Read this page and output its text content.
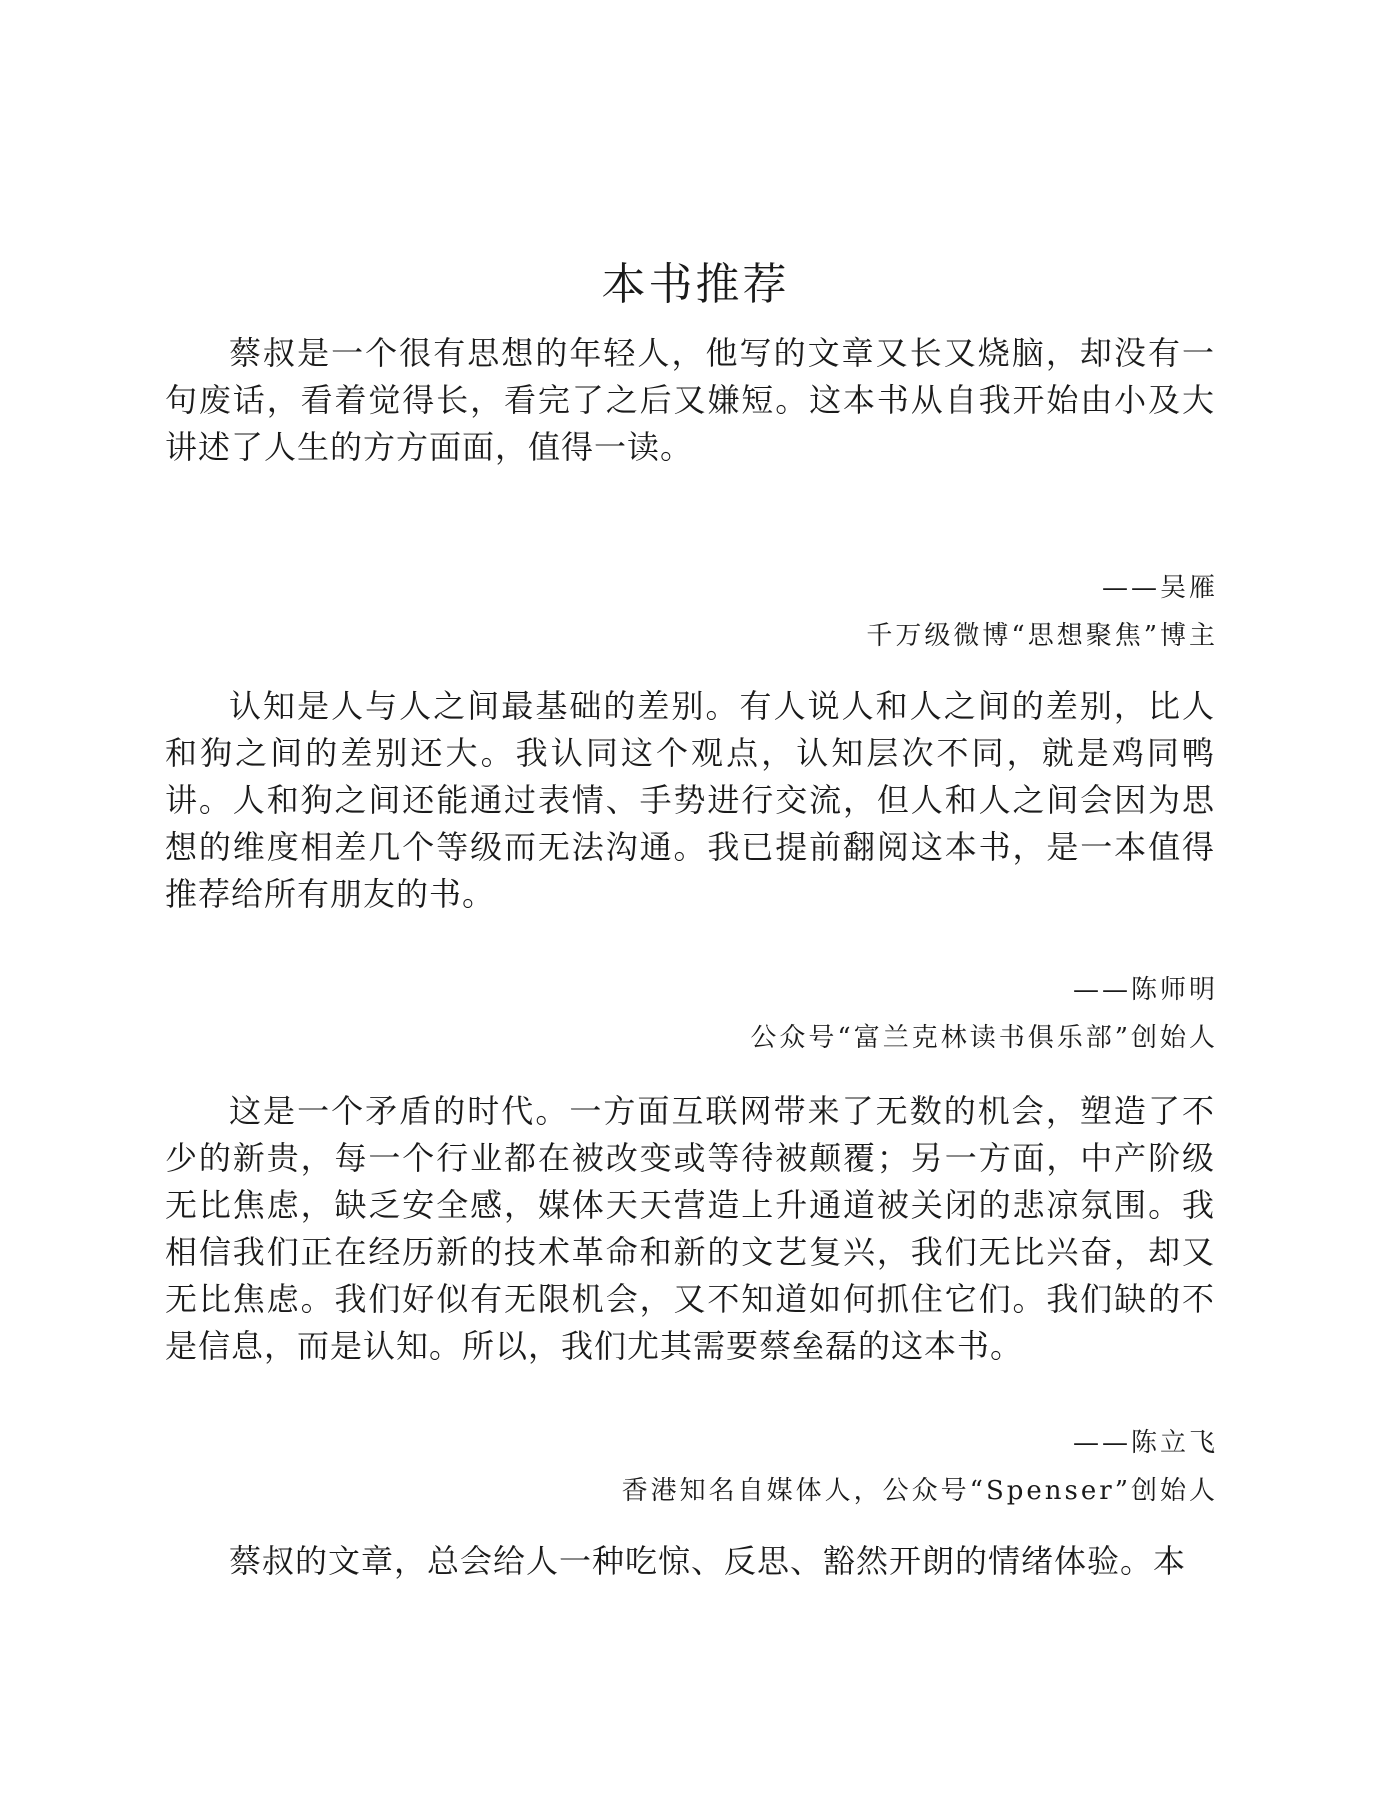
本书推荐

蔡叔是一个很有思想的年轻人，他写的文章又长又烧脑，却没有一句废话，看着觉得长，看完了之后又嫌短。这本书从自我开始由小及大讲述了人生的方方面面，值得一读。

——吴雁
千万级微博“思想聚焦”博主

认知是人与人之间最基础的差别。有人说人和人之间的差别，比人和狗之间的差别还大。我认同这个观点，认知层次不同，就是鸡同鸭讲。人和狗之间还能通过表情、手势进行交流，但人和人之间会因为思想的维度相差几个等级而无法沟通。我已提前翻阅这本书，是一本值得推荐给所有朋友的书。

——陈师明
公众号“富兰克林读书俱乐部”创始人

这是一个矛盾的时代。一方面互联网带来了无数的机会，塑造了不少的新贵，每一个行业都在被改变或等待被颠覆；另一方面，中产阶级无比焦虑，缺乏安全感，媒体天天营造上升通道被关闭的悲凉氛围。我相信我们正在经历新的技术革命和新的文艺复兴，我们无比兴奋，却又无比焦虑。我们好似有无限机会，又不知道如何抓住它们。我们缺的不是信息，而是认知。所以，我们尤其需要蔡垒磊的这本书。

——陈立飞
香港知名自媒体人，公众号“Spenser”创始人

蔡叔的文章，总会给人一种吃惊、反思、豁然开朗的情绪体验。本
